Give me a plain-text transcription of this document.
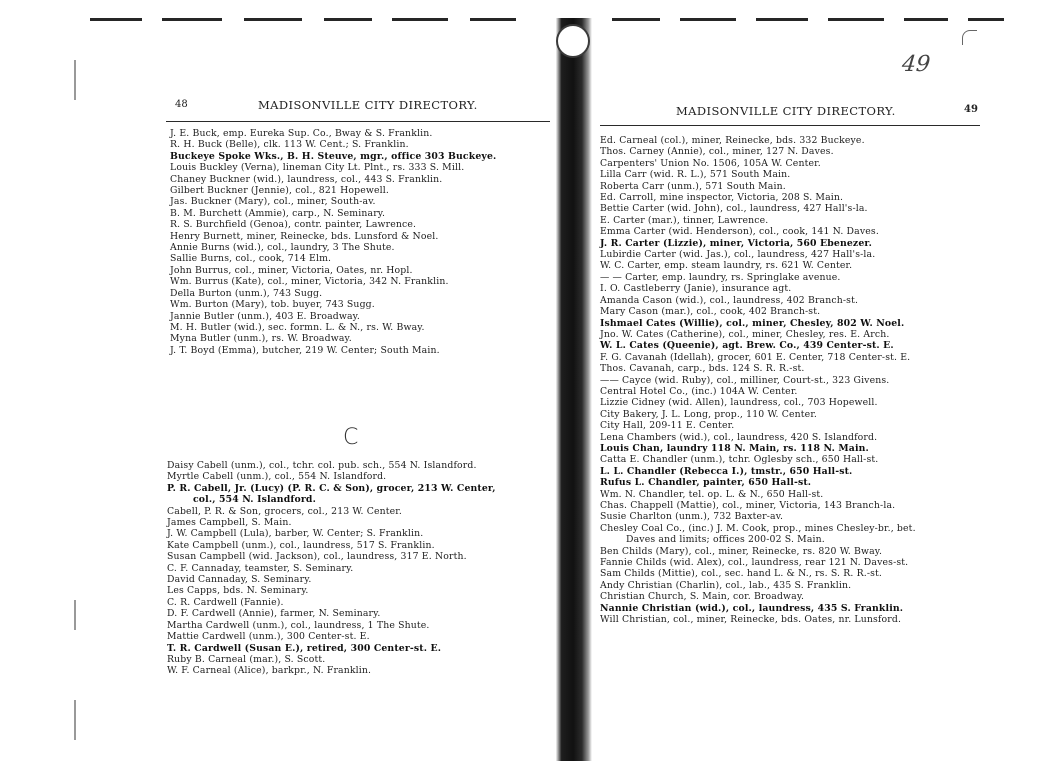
48	MADISONVILLE CITY DIRECTORY.
J. E. Buck, emp. Eureka Sup. Co., Bway & S. Franklin.
R. H. Buck (Belle), clk. 113 W. Cent.; S. Franklin.
Buckeye Spoke Wks., B. H. Steuve, mgr., office 303 Buckeye.
Louis Buckley (Verna), lineman City Lt. Plnt., rs. 333 S. Mill.
Chaney Buckner (wid.), laundress, col., 443 S. Franklin.
Gilbert Buckner (Jennie), col., 821 Hopewell.
Jas. Buckner (Mary), col., miner, South-av.
B. M. Burchett (Ammie), carp., N. Seminary.
R. S. Burchfield (Genoa), contr. painter, Lawrence.
Henry Burnett, miner, Reinecke, bds. Lunsford & Noel.
Annie Burns (wid.), col., laundry, 3 The Shute.
Sallie Burns, col., cook, 714 Elm.
John Burrus, col., miner, Victoria, Oates, nr. Hopl.
Wm. Burrus (Kate), col., miner, Victoria, 342 N. Franklin.
Della Burton (unm.), 743 Sugg.
Wm. Burton (Mary), tob. buyer, 743 Sugg.
Jannie Butler (unm.), 403 E. Broadway.
M. H. Butler (wid.), sec. formn. L. & N., rs. W. Bway.
Myna Butler (unm.), rs. W. Broadway.
J. T. Boyd (Emma), butcher, 219 W. Center; South Main.
C
Daisy Cabell (unm.), col., tchr. col. pub. sch., 554 N. Islandford.
Myrtle Cabell (unm.), col., 554 N. Islandford.
P. R. Cabell, Jr. (Lucy) (P. R. C. & Son), grocer, 213 W. Center,
col., 554 N. Islandford.
Cabell, P. R. & Son, grocers, col., 213 W. Center.
James Campbell, S. Main.
J. W. Campbell (Lula), barber, W. Center; S. Franklin.
Kate Campbell (unm.), col., laundress, 517 S. Franklin.
Susan Campbell (wid. Jackson), col., laundress, 317 E. North.
C. F. Cannaday, teamster, S. Seminary.
David Cannaday, S. Seminary.
Les Capps, bds. N. Seminary.
C. R. Cardwell (Fannie).
D. F. Cardwell (Annie), farmer, N. Seminary.
Martha Cardwell (unm.), col., laundress, 1 The Shute.
Mattie Cardwell (unm.), 300 Center-st. E.
T. R. Cardwell (Susan E.), retired, 300 Center-st. E.
Ruby B. Carneal (mar.), S. Scott.
W. F. Carneal (Alice), barkpr., N. Franklin.
49
MADISONVILLE CITY DIRECTORY.	49
Ed. Carneal (col.), miner, Reinecke, bds. 332 Buckeye.
Thos. Carney (Annie), col., miner, 127 N. Daves.
Carpenters' Union No. 1506, 105A W. Center.
Lilla Carr (wid. R. L.), 571 South Main.
Roberta Carr (unm.), 571 South Main.
Ed. Carroll, mine inspector, Victoria, 208 S. Main.
Bettie Carter (wid. John), col., laundress, 427 Hall's-la.
E. Carter (mar.), tinner, Lawrence.
Emma Carter (wid. Henderson), col., cook, 141 N. Daves.
J. R. Carter (Lizzie), miner, Victoria, 560 Ebenezer.
Lubirdie Carter (wid. Jas.), col., laundress, 427 Hall's-la.
W. C. Carter, emp. steam laundry, rs. 621 W. Center.
— — Carter, emp. laundry, rs. Springlake avenue.
I. O. Castleberry (Janie), insurance agt.
Amanda Cason (wid.), col., laundress, 402 Branch-st.
Mary Cason (mar.), col., cook, 402 Branch-st.
Ishmael Cates (Willie), col., miner, Chesley, 802 W. Noel.
Jno. W. Cates (Catherine), col., miner, Chesley, res. E. Arch.
W. L. Cates (Queenie), agt. Brew. Co., 439 Center-st. E.
F. G. Cavanah (Idellah), grocer, 601 E. Center, 718 Center-st. E.
Thos. Cavanah, carp., bds. 124 S. R. R.-st.
—— Cayce (wid. Ruby), col., milliner, Court-st., 323 Givens.
Central Hotel Co., (inc.) 104A W. Center.
Lizzie Cidney (wid. Allen), laundress, col., 703 Hopewell.
City Bakery, J. L. Long, prop., 110 W. Center.
City Hall, 209-11 E. Center.
Lena Chambers (wid.), col., laundress, 420 S. Islandford.
Louis Chan, laundry 118 N. Main, rs. 118 N. Main.
Catta E. Chandler (unm.), tchr. Oglesby sch., 650 Hall-st.
L. L. Chandler (Rebecca I.), tmstr., 650 Hall-st.
Rufus L. Chandler, painter, 650 Hall-st.
Wm. N. Chandler, tel. op. L. & N., 650 Hall-st.
Chas. Chappell (Mattie), col., miner, Victoria, 143 Branch-la.
Susie Charlton (unm.), 732 Baxter-av.
Chesley Coal Co., (inc.) J. M. Cook, prop., mines Chesley-br., bet.
Daves and limits; offices 200-02 S. Main.
Ben Childs (Mary), col., miner, Reinecke, rs. 820 W. Bway.
Fannie Childs (wid. Alex), col., laundress, rear 121 N. Daves-st.
Sam Childs (Mittie), col., sec. hand L. & N., rs. S. R. R.-st.
Andy Christian (Charlin), col., lab., 435 S. Franklin.
Christian Church, S. Main, cor. Broadway.
Nannie Christian (wid.), col., laundress, 435 S. Franklin.
Will Christian, col., miner, Reinecke, bds. Oates, nr. Lunsford.
